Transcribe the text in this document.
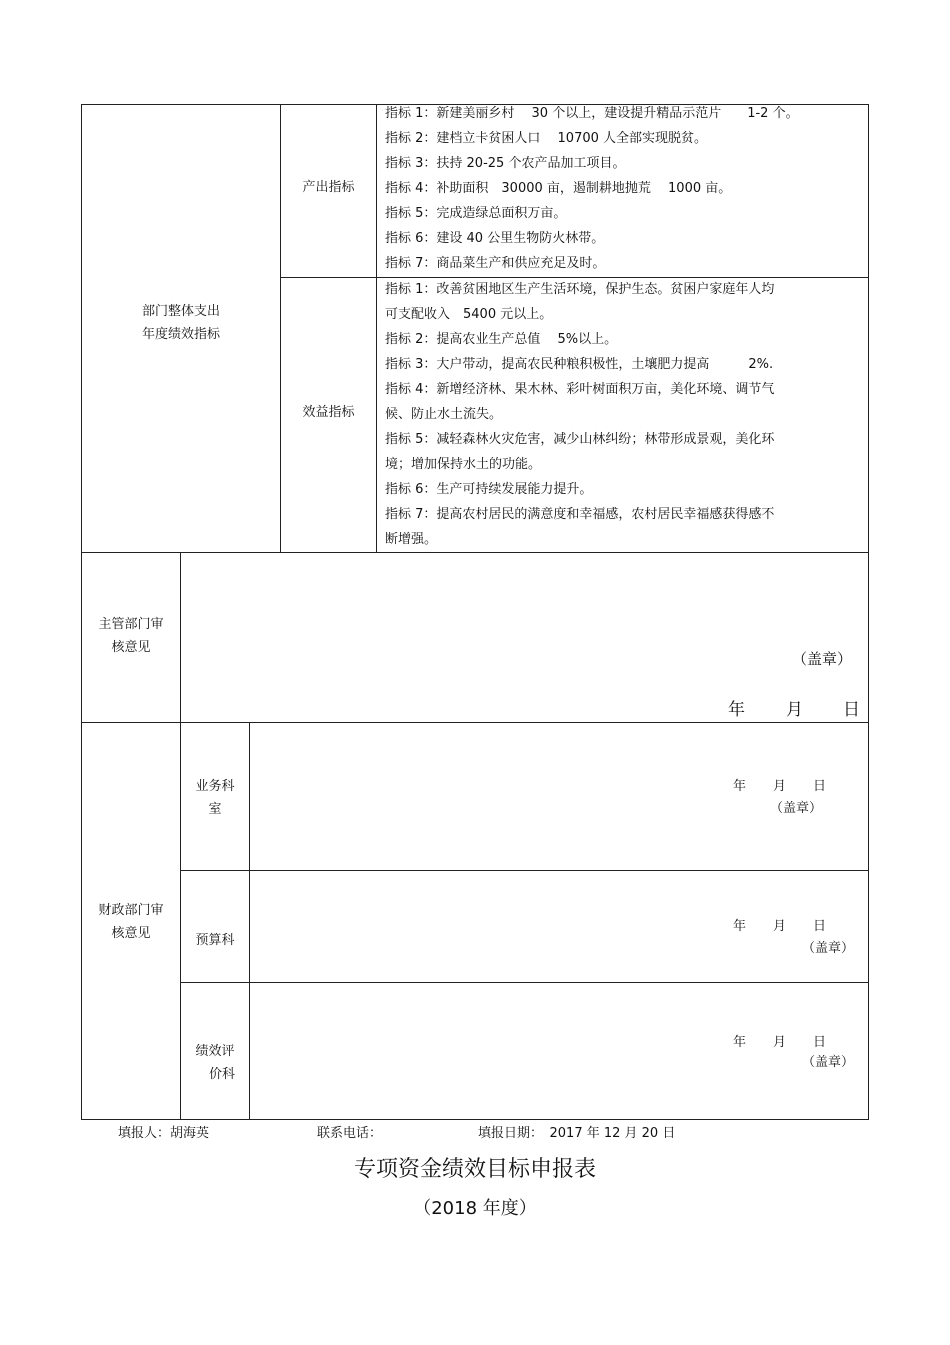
部门整体支出
年度绩效指标
产出指标
指标 1：新建美丽乡村　 30 个以上，建设提升精品示范片　　1-2 个。
指标 2：建档立卡贫困人口　 10700 人全部实现脱贫。
指标 3：扶持 20-25 个农产品加工项目。
指标 4：补助面积　30000 亩，遏制耕地抛荒　 1000 亩。
指标 5：完成造绿总面积万亩。
指标 6：建设 40 公里生物防火林带。
指标 7：商品菜生产和供应充足及时。
效益指标
指标 1：改善贫困地区生产生活环境，保护生态。贫困户家庭年人均
可支配收入　5400 元以上。
指标 2：提高农业生产总值　 5%以上。
指标 3：大户带动，提高农民种粮积极性，土壤肥力提高　　　2%.
指标 4：新增经济林、果木林、彩叶树面积万亩，美化环境、调节气
候、防止水土流失。
指标 5：减轻森林火灾危害，减少山林纠纷；林带形成景观，美化环
境；增加保持水土的功能。
指标 6：生产可持续发展能力提升。
指标 7：提高农村居民的满意度和幸福感，农村居民幸福感获得感不
断增强。
主管部门审
核意见
（盖章）
年 月 日
财政部门审
核意见
业务科
室
年 月 日
（盖章）
预算科
年 月 日
（盖章）
绩效评
价科
年 月 日
（盖章）
填报人：胡海英	联系电话：	填报日期：　2017 年 12 月 20 日
专项资金绩效目标申报表
（2018 年度）
